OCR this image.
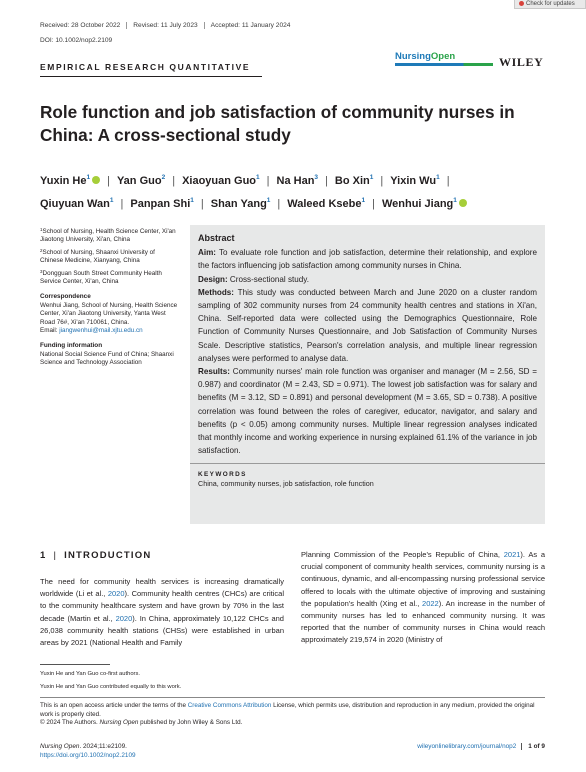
Check for updates
Received: 28 October 2022	Revised: 11 July 2023	Accepted: 11 January 2024
DOI: 10.1002/nop2.2109
EMPIRICAL RESEARCH QUANTITATIVE
NursingOpen	WILEY
Role function and job satisfaction of community nurses in China: A cross-sectional study
Yuxin He$^1$ | Yan Guo$^2$ | Xiaoyuan Guo$^1$ | Na Han$^3$ | Bo Xin$^1$ | Yixin Wu$^1$ |
Qiuyuan Wan$^1$ | Panpan Shi$^1$ | Shan Yang$^1$ | Waleed Ksebe$^1$ | Wenhui Jiang$^1$
$^1$School of Nursing, Health Science Center, Xi'an Jiaotong University, Xi'an, China
$^2$School of Nursing, Shaanxi University of Chinese Medicine, Xianyang, China
$^3$Dongguan South Street Community Health Service Center, Xi'an, China
Correspondence
Wenhui Jiang, School of Nursing, Health Science Center, Xi'an Jiaotong University, Yanta West Road 76#, Xi'an 710061, China.
Email: jiangwenhui@mail.xjtu.edu.cn
Funding information
National Social Science Fund of China; Shaanxi Science and Technology Association
Abstract

Aim: To evaluate role function and job satisfaction, determine their relationship, and explore the factors influencing job satisfaction among community nurses in China.

Design: Cross-sectional study.

Methods: This study was conducted between March and June 2020 on a cluster random sampling of 302 community nurses from 24 community health centres and stations in Xi'an, China. Self-reported data were collected using the Demographics Questionnaire, Role Function of Community Nurses Questionnaire, and Job Satisfaction of Community Nurses Scale. Descriptive statistics, Pearson's correlation analysis, and multiple linear regression analyses were performed to analyse data.

Results: Community nurses' main role function was organiser and manager (M = 2.56, SD = 0.987) and coordinator (M = 2.43, SD = 0.971). The lowest job satisfaction was for salary and benefits (M = 3.12, SD = 0.891) and personal development (M = 3.65, SD = 0.738). A positive correlation was found between the roles of caregiver, educator, navigator, and salary and benefits (p < 0.05) among community nurses. Multiple linear regression analyses indicated that monthly income and working experience in nursing explained 61.1% of the variance in job satisfaction.

KEYWORDS
China, community nurses, job satisfaction, role function
1 | INTRODUCTION
The need for community health services is increasing dramatically worldwide (Li et al., 2020). Community health centres (CHCs) are critical to the community healthcare system and have grown by 70% in the last decade (Martin et al., 2020). In China, approximately 10,122 CHCs and 26,038 community health stations (CHSs) were established in urban areas by 2021 (National Health and Family
Planning Commission of the People's Republic of China, 2021). As a crucial component of community health services, community nursing is a continuous, dynamic, and all-encompassing nursing professional service offered to locals with the ultimate objective of improving and sustaining the population's health (Xing et al., 2022). An increase in the number of community nurses has led to enhanced community nursing. It was reported that the number of community nurses in China would reach approximately 219,574 in 2020 (Ministry of
Yuxin He and Yan Guo co-first authors.
Yuxin He and Yan Guo contributed equally to this work.
This is an open access article under the terms of the Creative Commons Attribution License, which permits use, distribution and reproduction in any medium, provided the original work is properly cited.
© 2024 The Authors. Nursing Open published by John Wiley & Sons Ltd.
Nursing Open. 2024;11:e2109.
https://doi.org/10.1002/nop2.2109
wileyonlinelibrary.com/journal/nop2 1 of 9
